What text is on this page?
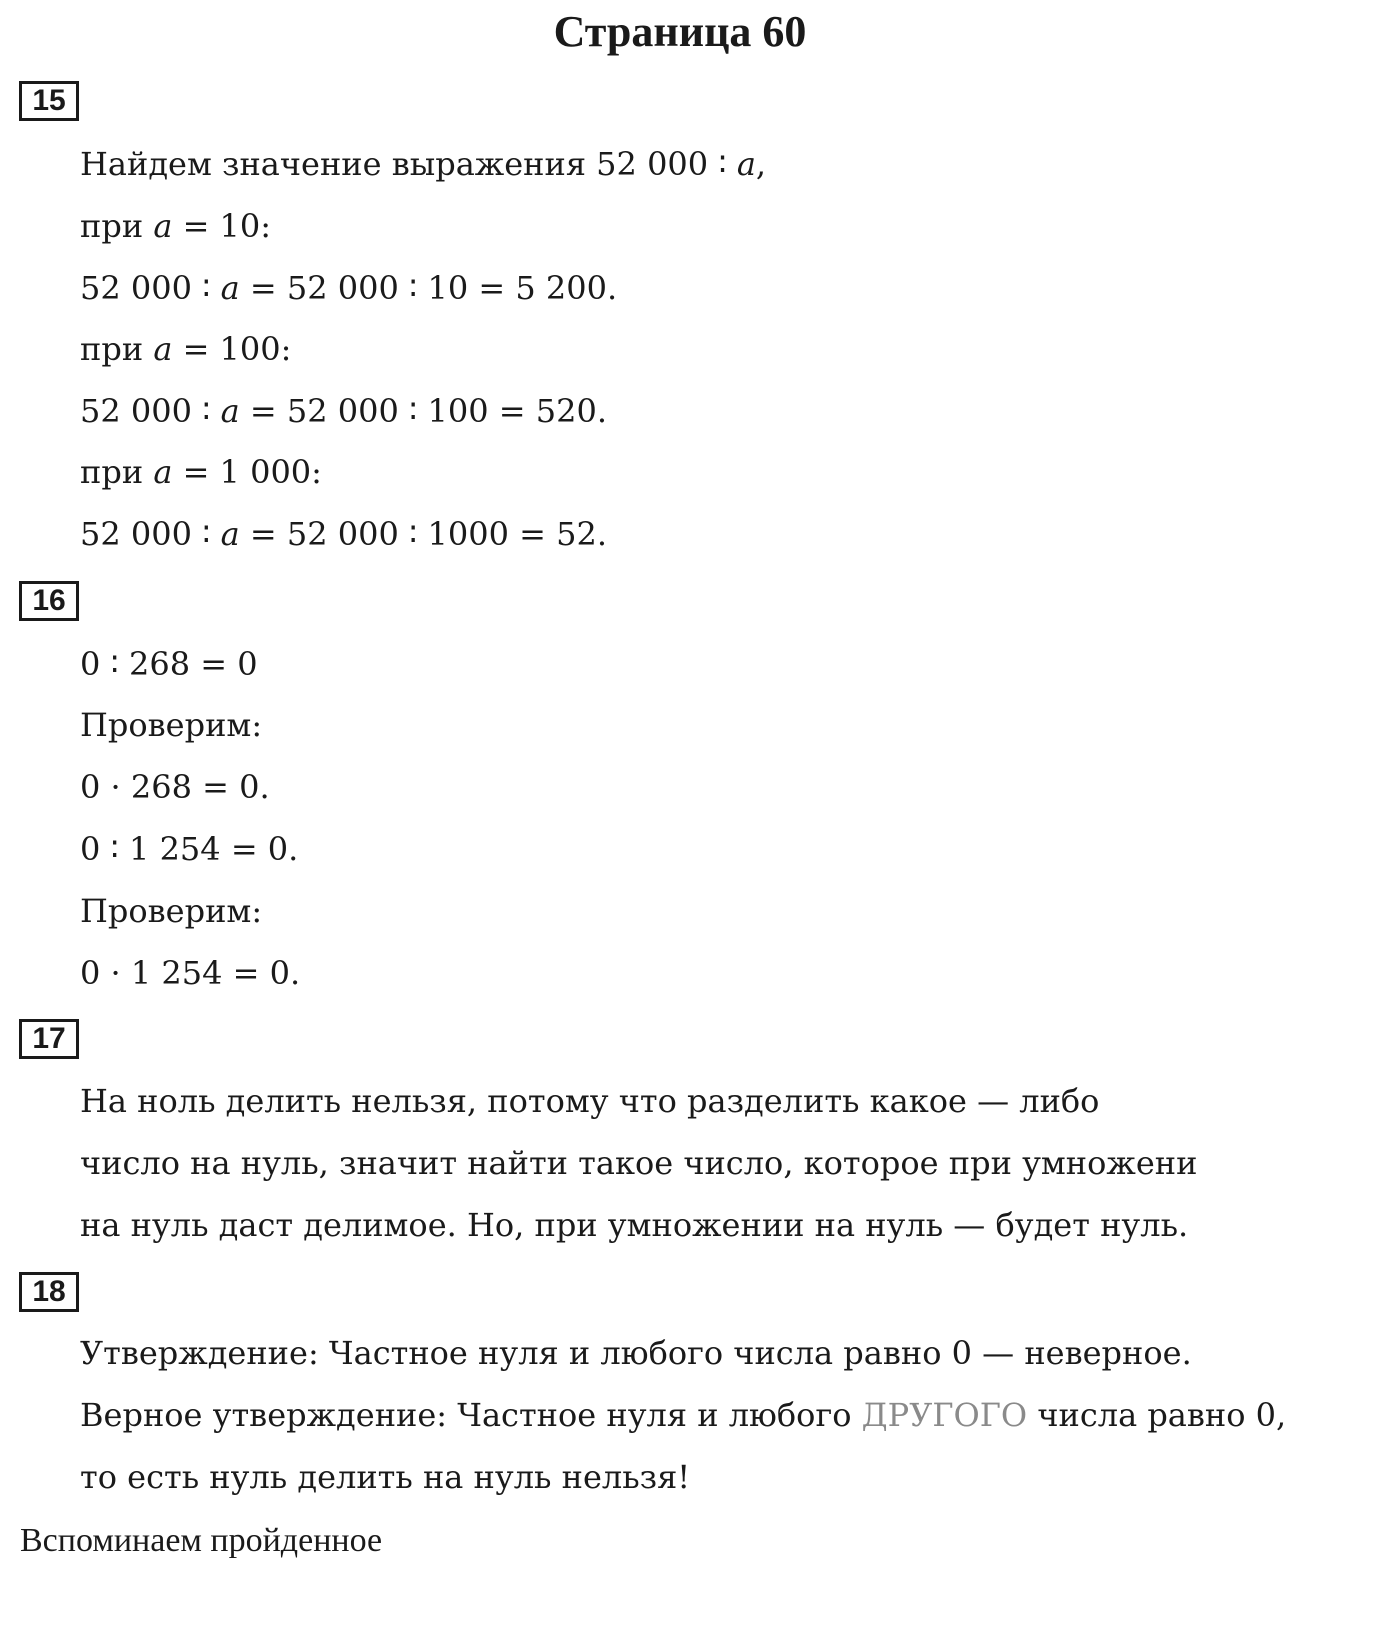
Страница 60
15
Найдем значение выражения 52 000 ∶ 𝑎,
при 𝑎 = 10:
52 000 ∶ 𝑎 = 52 000 ∶ 10 = 5 200.
при 𝑎 = 100:
52 000 ∶ 𝑎 = 52 000 ∶ 100 = 520.
при 𝑎 = 1 000:
52 000 ∶ 𝑎 = 52 000 ∶ 1000 = 52.
16
0 ∶ 268 = 0
Проверим:
0 · 268 = 0.
0 ∶ 1 254 = 0.
Проверим:
0 · 1 254 = 0.
17
На ноль делить нельзя, потому что разделить какое — либо
число на нуль, значит найти такое число, которое при умножени
на нуль даст делимое. Но, при умножении на нуль — будет нуль.
18
Утверждение: Частное нуля и любого числа равно 0 — неверное.
Верное утверждение: Частное нуля и любого ДРУГОГО числа равно 0,
то есть нуль делить на нуль нельзя!
Вспоминаем пройденное
